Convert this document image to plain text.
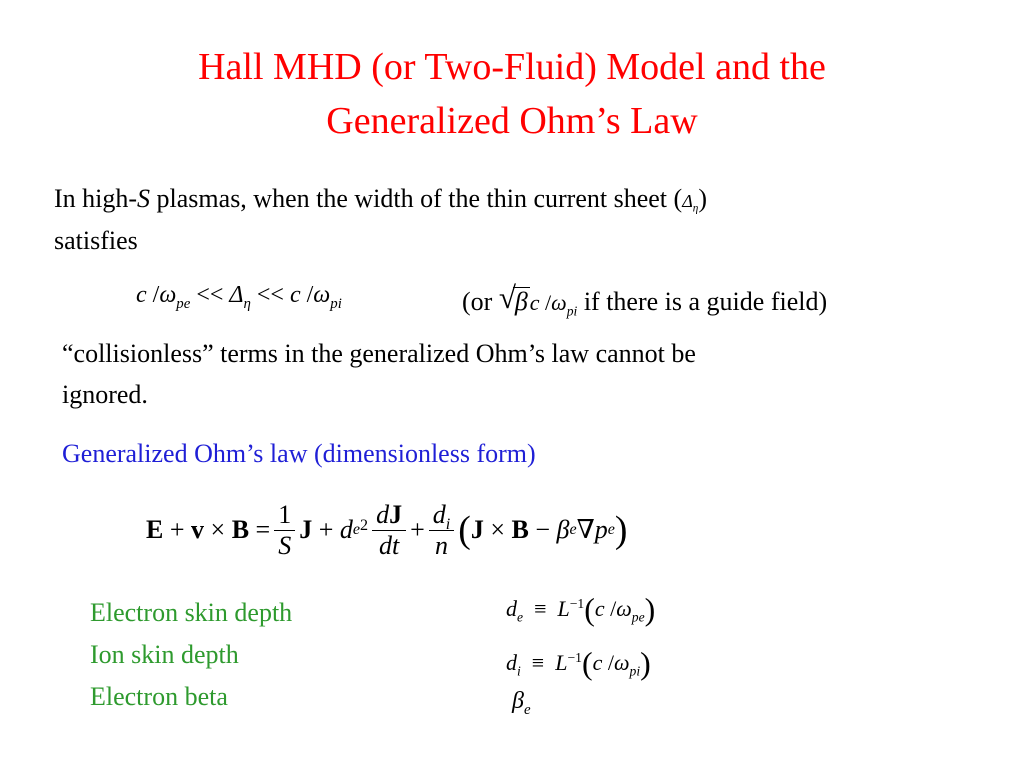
Hall MHD (or Two-Fluid) Model and the
Generalized Ohm’s Law
In high-S plasmas, when the width of the thin current sheet $(\Delta_\eta)$
satisfies
c $/\omega_{pe} << \Delta_\eta << c$ $/\omega_{pi}$	(or √
βc $/\omega_{pi}$ if there is a guide field)
“collisionless” terms in the generalized Ohm’s law cannot be
ignored.
Generalized Ohm’s law (dimensionless form)
E
+
v
×
B
= $\frac{1}{S}$ J
+
d $e^2 \frac{dJ}{dt} + \frac{d_i}{n}$ ( J
×
B
−
β e ∇ p e )
Electron skin depth
Ion skin depth
Electron beta
$d_e \equiv L^{-1}(c$ $/\omega_{pe}$)
$d_i \equiv L^{-1}(c$ $/\omega_{pi}$)
$\beta_e$
